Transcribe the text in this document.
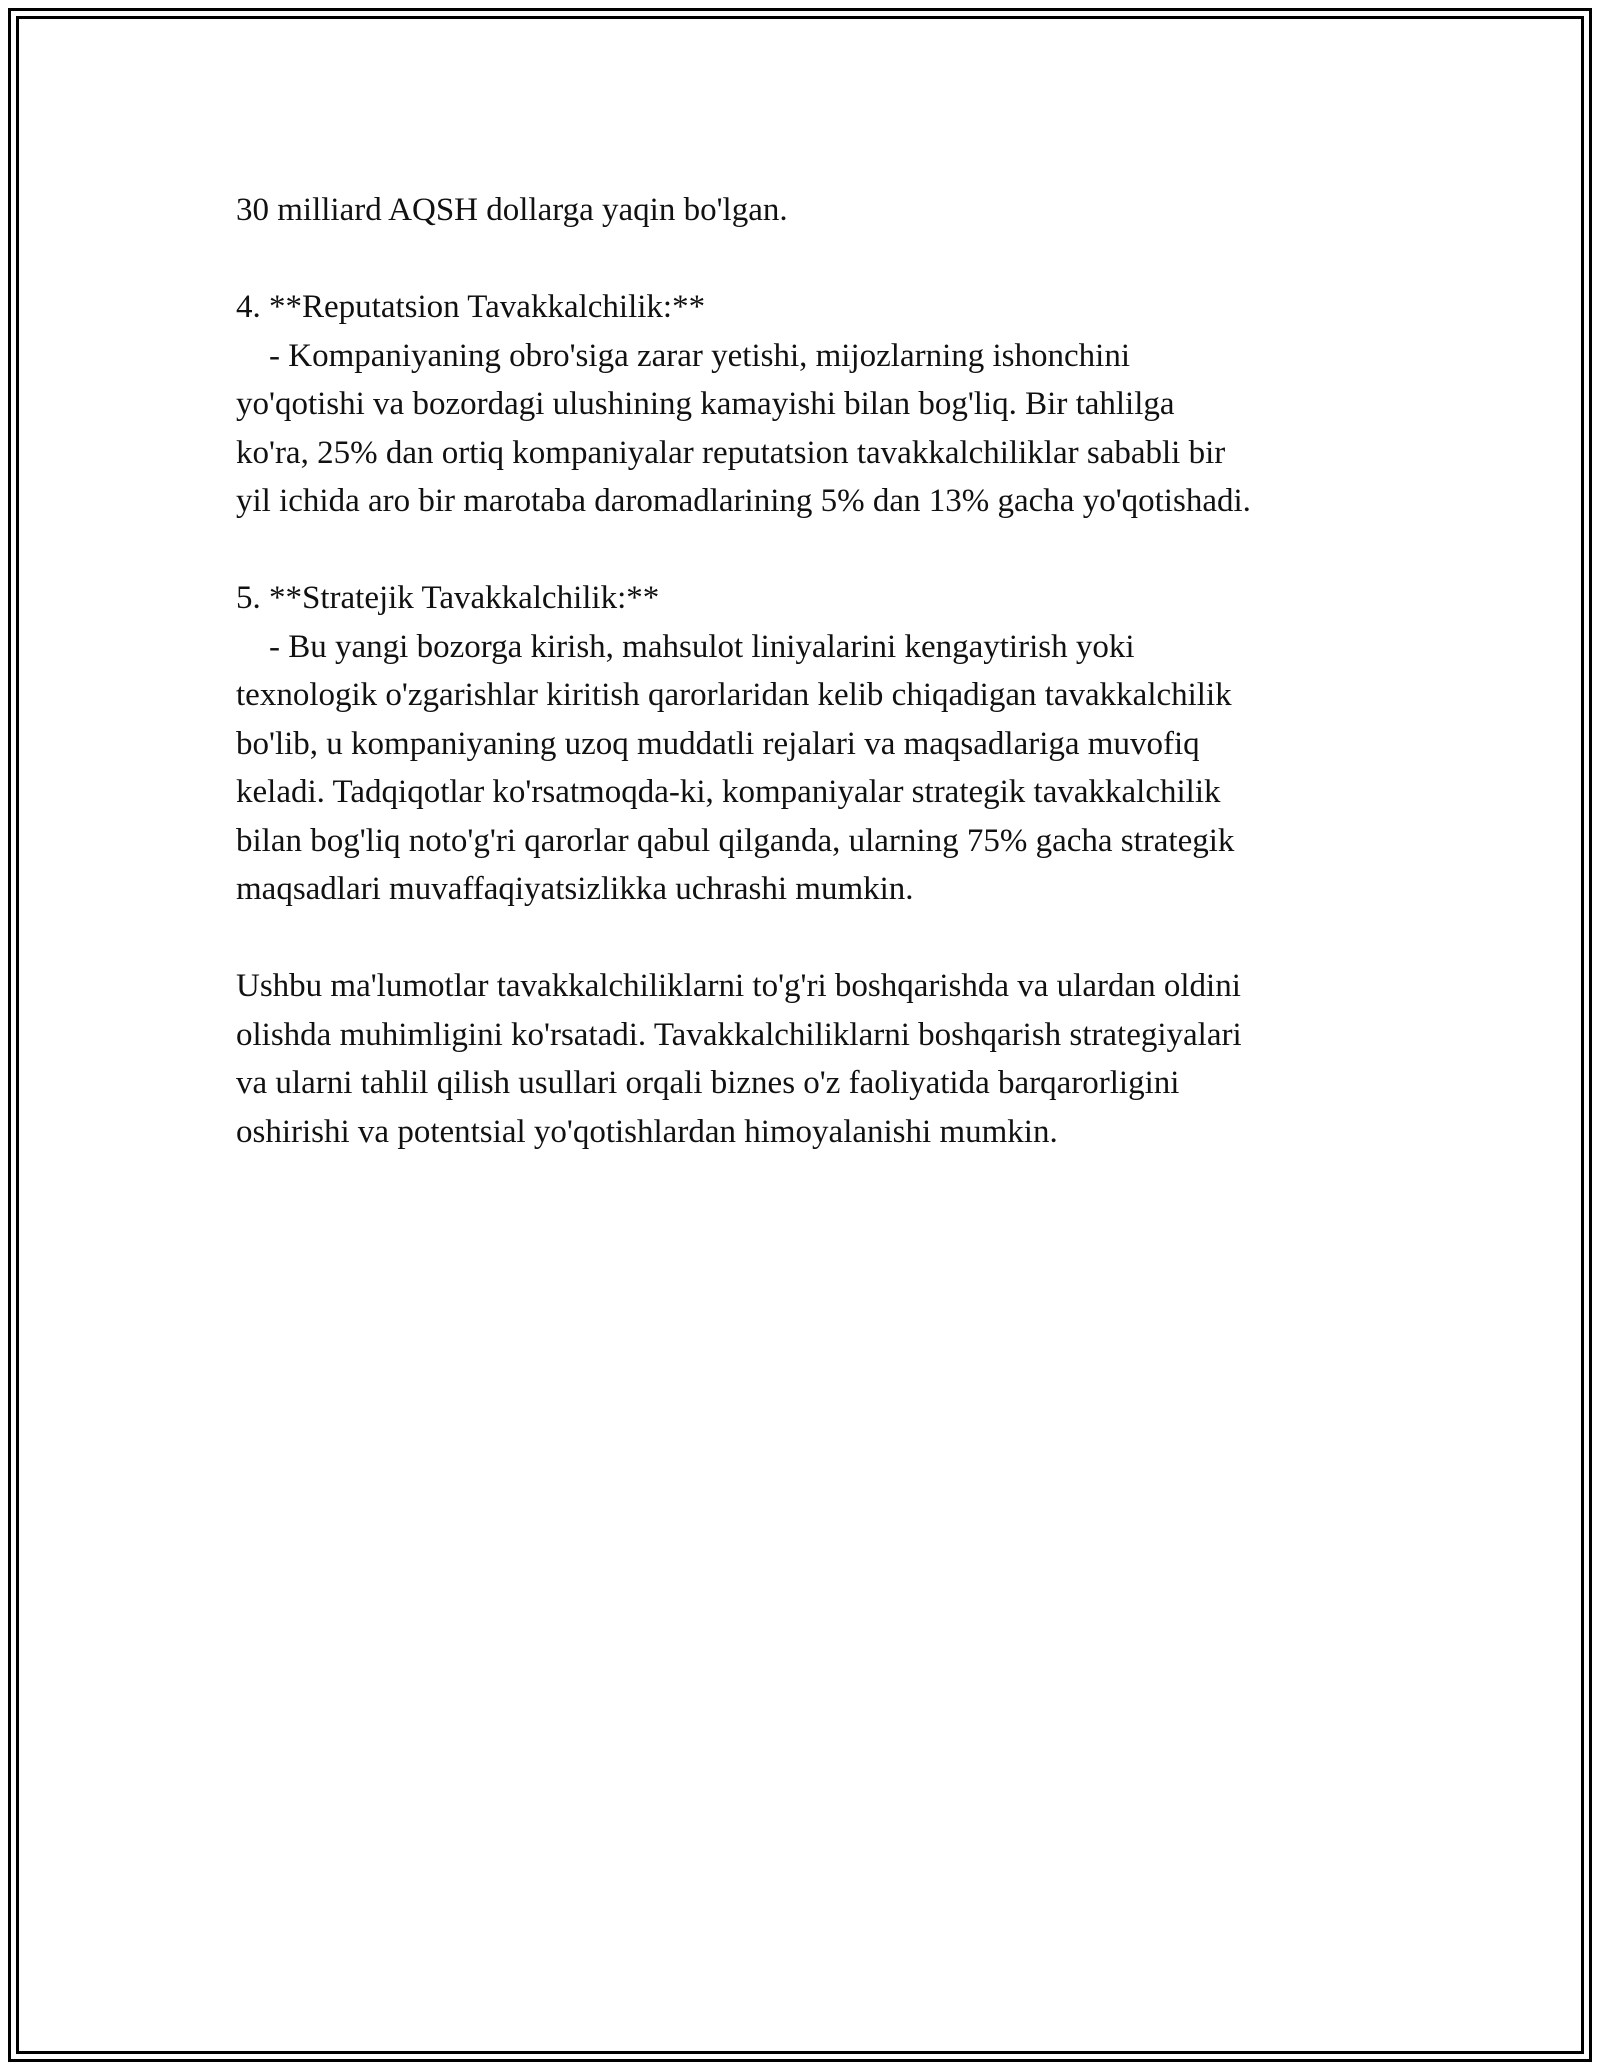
30 milliard AQSH dollarga yaqin bo'lgan.
4. **Reputatsion Tavakkalchilik:**
- Kompaniyaning obro'siga zarar yetishi, mijozlarning ishonchini
yo'qotishi va bozordagi ulushining kamayishi bilan bog'liq. Bir tahlilga
ko'ra, 25% dan ortiq kompaniyalar reputatsion tavakkalchiliklar sababli bir
yil ichida aro bir marotaba daromadlarining 5% dan 13% gacha yo'qotishadi.
5. **Stratejik Tavakkalchilik:**
- Bu yangi bozorga kirish, mahsulot liniyalarini kengaytirish yoki
texnologik o'zgarishlar kiritish qarorlaridan kelib chiqadigan tavakkalchilik
bo'lib, u kompaniyaning uzoq muddatli rejalari va maqsadlariga muvofiq
keladi. Tadqiqotlar ko'rsatmoqda-ki, kompaniyalar strategik tavakkalchilik
bilan bog'liq noto'g'ri qarorlar qabul qilganda, ularning 75% gacha strategik
maqsadlari muvaffaqiyatsizlikka uchrashi mumkin.
Ushbu ma'lumotlar tavakkalchiliklarni to'g'ri boshqarishda va ulardan oldini
olishda muhimligini ko'rsatadi. Tavakkalchiliklarni boshqarish strategiyalari
va ularni tahlil qilish usullari orqali biznes o'z faoliyatida barqarorligini
oshirishi va potentsial yo'qotishlardan himoyalanishi mumkin.
